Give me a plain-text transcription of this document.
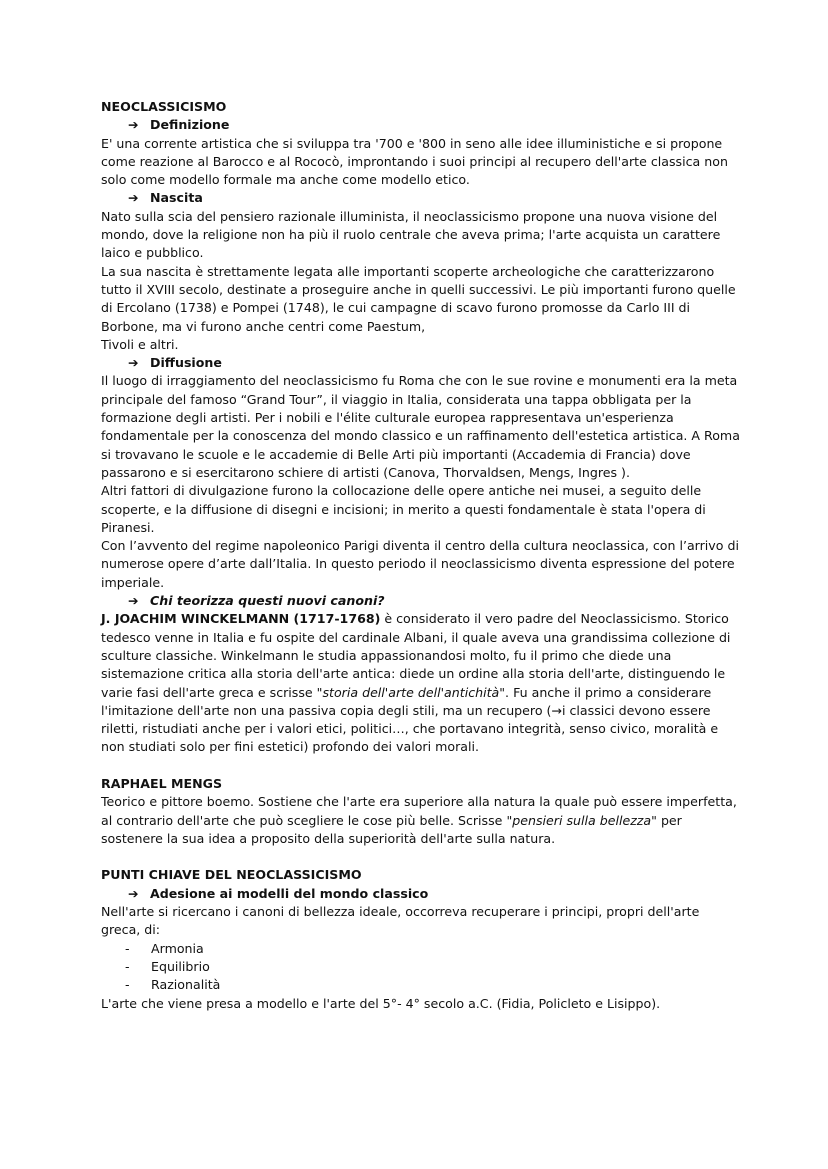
NEOCLASSICISMO
➔ Definizione

E' una corrente artistica che si sviluppa tra '700 e '800 in seno alle idee illuministiche e si propone come reazione al Barocco e al Rococò, improntando i suoi principi al recupero dell'arte classica non solo come modello formale ma anche come modello etico.

➔ Nascita

Nato sulla scia del pensiero razionale illuminista, il neoclassicismo propone una nuova visione del mondo, dove la religione non ha più il ruolo centrale che aveva prima; l'arte acquista un carattere laico e pubblico.

La sua nascita è strettamente legata alle importanti scoperte archeologiche che caratterizzarono tutto il XVIII secolo, destinate a proseguire anche in quelli successivi. Le più importanti furono quelle di Ercolano (1738) e Pompei (1748), le cui campagne di scavo furono promosse da Carlo III di Borbone, ma vi furono anche centri come Paestum,

Tivoli e altri.

➔ Diffusione

Il luogo di irraggiamento del neoclassicismo fu Roma che con le sue rovine e monumenti era la meta principale del famoso “Grand Tour”, il viaggio in Italia, considerata una tappa obbligata per la formazione degli artisti. Per i nobili e l'élite culturale europea rappresentava un'esperienza fondamentale per la conoscenza del mondo classico e un raffinamento dell'estetica artistica. A Roma si trovavano le scuole e le accademie di Belle Arti più importanti (Accademia di Francia) dove passarono e si esercitarono schiere di artisti (Canova, Thorvaldsen, Mengs, Ingres ).

Altri fattori di divulgazione furono la collocazione delle opere antiche nei musei, a seguito delle scoperte, e la diffusione di disegni e incisioni; in merito a questi fondamentale è stata l'opera di Piranesi.

Con l’avvento del regime napoleonico Parigi diventa il centro della cultura neoclassica, con l’arrivo di numerose opere d’arte dall’Italia. In questo periodo il neoclassicismo diventa espressione del potere imperiale.

➔ Chi teorizza questi nuovi canoni?

J. JOACHIM WINCKELMANN (1717-1768) è considerato il vero padre del Neoclassicismo. Storico tedesco venne in Italia e fu ospite del cardinale Albani, il quale aveva una grandissima collezione di sculture classiche. Winkelmann le studia appassionandosi molto, fu il primo che diede una sistemazione critica alla storia dell'arte antica: diede un ordine alla storia dell'arte, distinguendo le varie fasi dell'arte greca e scrisse "storia dell'arte dell'antichità". Fu anche il primo a considerare l'imitazione dell'arte non una passiva copia degli stili, ma un recupero (→i classici devono essere riletti, ristudiati anche per i valori etici, politici…, che portavano integrità, senso civico, moralità e non studiati solo per fini estetici) profondo dei valori morali.

RAPHAEL MENGS

Teorico e pittore boemo. Sostiene che l'arte era superiore alla natura la quale può essere imperfetta, al contrario dell'arte che può scegliere le cose più belle. Scrisse "pensieri sulla bellezza" per sostenere la sua idea a proposito della superiorità dell'arte sulla natura.

PUNTI CHIAVE DEL NEOCLASSICISMO
➔ Adesione ai modelli del mondo classico

Nell'arte si ricercano i canoni di bellezza ideale, occorreva recuperare i principi, propri dell'arte greca, di:

- Armonia
- Equilibrio
- Razionalità

L'arte che viene presa a modello e l'arte del 5°- 4° secolo a.C. (Fidia, Policleto e Lisippo).
